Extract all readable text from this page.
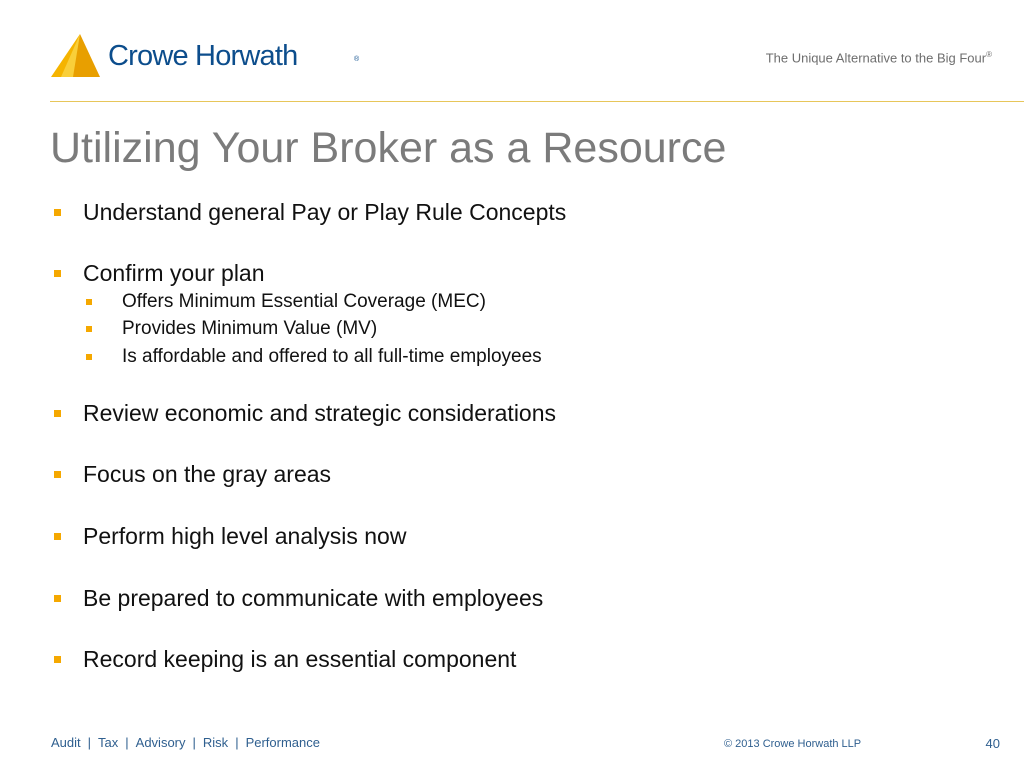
Crowe Horwath	®	The Unique Alternative to the Big Four®
Utilizing Your Broker as a Resource
Understand general Pay or Play Rule Concepts
Confirm your plan
Offers Minimum Essential Coverage (MEC)
Provides Minimum Value (MV)
Is affordable and offered to all full-time employees
Review economic and strategic considerations
Focus on the gray areas
Perform high level analysis now
Be prepared to communicate with employees
Record keeping is an essential component
Audit | Tax | Advisory | Risk | Performance	© 2013 Crowe Horwath LLP	40
